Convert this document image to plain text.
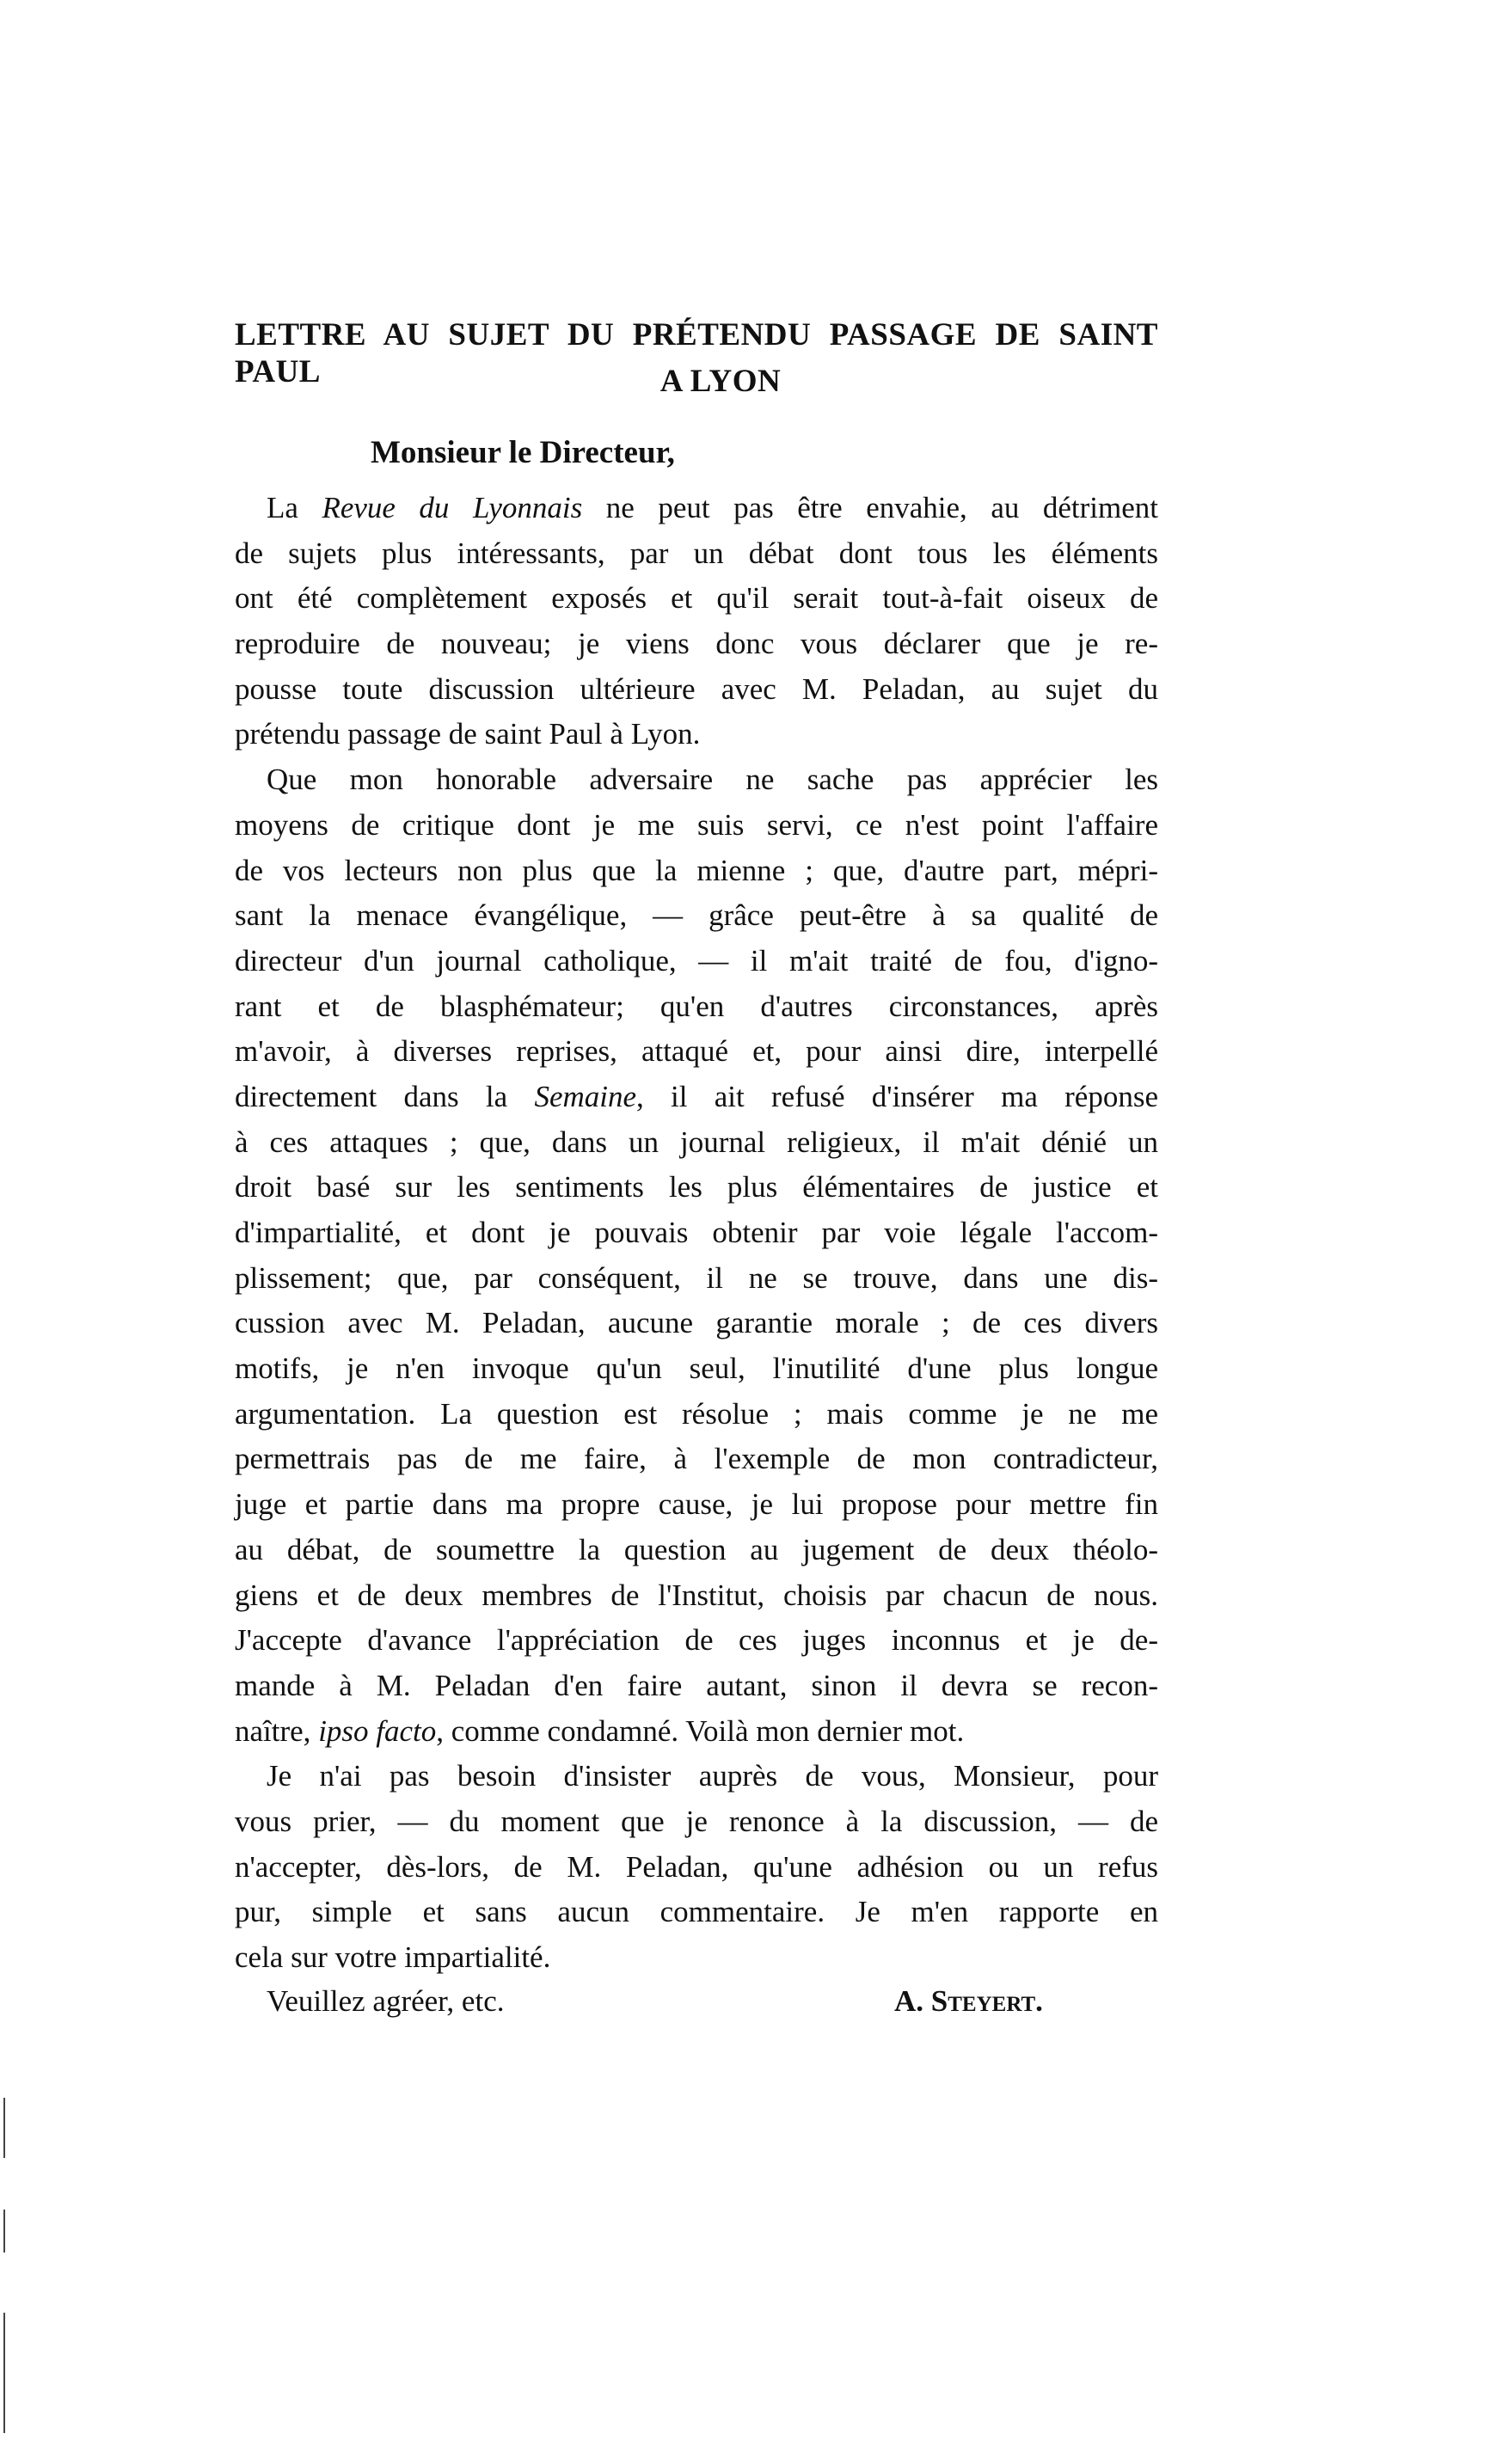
LETTRE AU SUJET DU PRÉTENDU PASSAGE DE SAINT PAUL	A LYON
Monsieur le Directeur,
La Revue du Lyonnais ne peut pas être envahie, au détriment
de sujets plus intéressants, par un débat dont tous les éléments
ont été complètement exposés et qu'il serait tout-à-fait oiseux de
reproduire de nouveau; je viens donc vous déclarer que je re-
pousse toute discussion ultérieure avec M. Peladan, au sujet du
prétendu passage de saint Paul à Lyon.
Que mon honorable adversaire ne sache pas apprécier les
moyens de critique dont je me suis servi, ce n'est point l'affaire
de vos lecteurs non plus que la mienne ; que, d'autre part, mépri-
sant la menace évangélique, — grâce peut-être à sa qualité de
directeur d'un journal catholique, — il m'ait traité de fou, d'igno-
rant et de blasphémateur; qu'en d'autres circonstances, après
m'avoir, à diverses reprises, attaqué et, pour ainsi dire, interpellé
directement dans la Semaine, il ait refusé d'insérer ma réponse
à ces attaques ; que, dans un journal religieux, il m'ait dénié un
droit basé sur les sentiments les plus élémentaires de justice et
d'impartialité, et dont je pouvais obtenir par voie légale l'accom-
plissement; que, par conséquent, il ne se trouve, dans une dis-
cussion avec M. Peladan, aucune garantie morale ; de ces divers
motifs, je n'en invoque qu'un seul, l'inutilité d'une plus longue
argumentation. La question est résolue ; mais comme je ne me
permettrais pas de me faire, à l'exemple de mon contradicteur,
juge et partie dans ma propre cause, je lui propose pour mettre fin
au débat, de soumettre la question au jugement de deux théolo-
giens et de deux membres de l'Institut, choisis par chacun de nous.
J'accepte d'avance l'appréciation de ces juges inconnus et je de-
mande à M. Peladan d'en faire autant, sinon il devra se recon-
naître, ipso facto, comme condamné. Voilà mon dernier mot.
Je n'ai pas besoin d'insister auprès de vous, Monsieur, pour
vous prier, — du moment que je renonce à la discussion, — de
n'accepter, dès-lors, de M. Peladan, qu'une adhésion ou un refus
pur, simple et sans aucun commentaire. Je m'en rapporte en
cela sur votre impartialité.
Veuillez agréer, etc.	A. Steyert.
